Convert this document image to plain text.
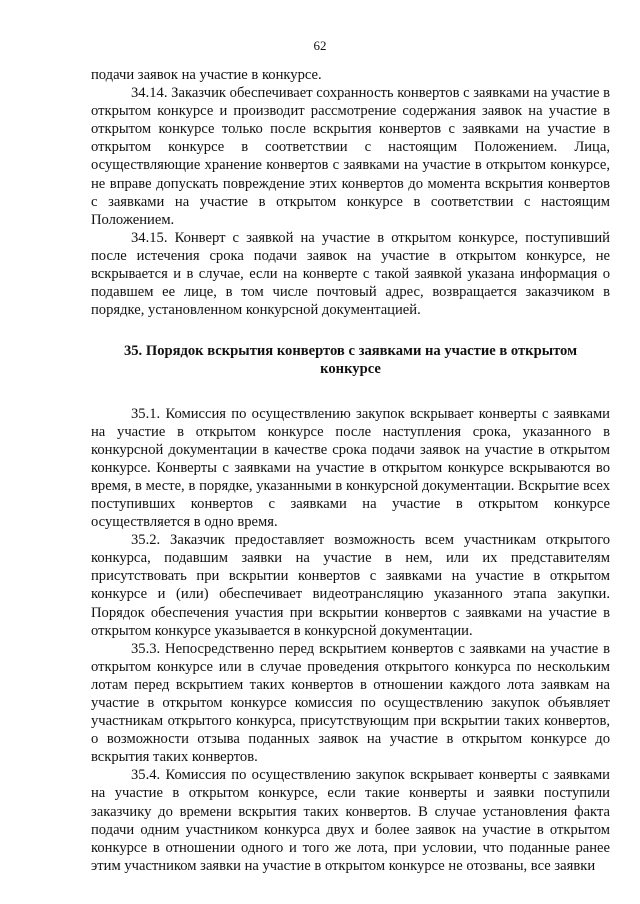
62

подачи заявок на участие в конкурсе.

34.14. Заказчик обеспечивает сохранность конвертов с заявками на участие в открытом конкурсе и производит рассмотрение содержания заявок на участие в открытом конкурсе только после вскрытия конвертов с заявками на участие в открытом конкурсе в соответствии с настоящим Положением. Лица, осуществляющие хранение конвертов с заявками на участие в открытом конкурсе, не вправе допускать повреждение этих конвертов до момента вскрытия конвертов с заявками на участие в открытом конкурсе в соответствии с настоящим Положением.

34.15. Конверт с заявкой на участие в открытом конкурсе, поступивший после истечения срока подачи заявок на участие в открытом конкурсе, не вскрывается и в случае, если на конверте с такой заявкой указана информация о подавшем ее лице, в том числе почтовый адрес, возвращается заказчиком в порядке, установленном конкурсной документацией.

35. Порядок вскрытия конвертов с заявками на участие в открытом конкурсе

35.1. Комиссия по осуществлению закупок вскрывает конверты с заявками на участие в открытом конкурсе после наступления срока, указанного в конкурсной документации в качестве срока подачи заявок на участие в открытом конкурсе. Конверты с заявками на участие в открытом конкурсе вскрываются во время, в месте, в порядке, указанными в конкурсной документации. Вскрытие всех поступивших конвертов с заявками на участие в открытом конкурсе осуществляется в одно время.

35.2. Заказчик предоставляет возможность всем участникам открытого конкурса, подавшим заявки на участие в нем, или их представителям присутствовать при вскрытии конвертов с заявками на участие в открытом конкурсе и (или) обеспечивает видеотрансляцию указанного этапа закупки. Порядок обеспечения участия при вскрытии конвертов с заявками на участие в открытом конкурсе указывается в конкурсной документации.

35.3. Непосредственно перед вскрытием конвертов с заявками на участие в открытом конкурсе или в случае проведения открытого конкурса по нескольким лотам перед вскрытием таких конвертов в отношении каждого лота заявкам на участие в открытом конкурсе комиссия по осуществлению закупок объявляет участникам открытого конкурса, присутствующим при вскрытии таких конвертов, о возможности отзыва поданных заявок на участие в открытом конкурсе до вскрытия таких конвертов.

35.4. Комиссия по осуществлению закупок вскрывает конверты с заявками на участие в открытом конкурсе, если такие конверты и заявки поступили заказчику до времени вскрытия таких конвертов. В случае установления факта подачи одним участником конкурса двух и более заявок на участие в открытом конкурсе в отношении одного и того же лота, при условии, что поданные ранее этим участником заявки на участие в открытом конкурсе не отозваны, все заявки
